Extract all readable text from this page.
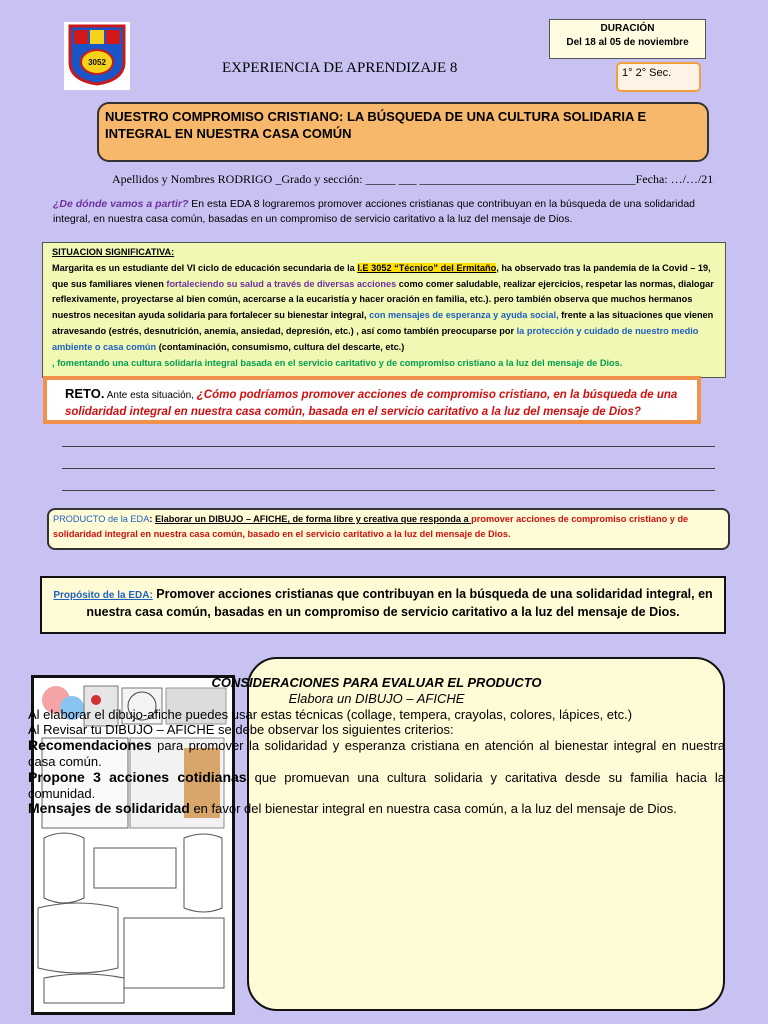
3052
DURACIÓN
Del 18 al 05 de noviembre
1° 2° Sec.
EXPERIENCIA DE APRENDIZAJE 8
NUESTRO COMPROMISO CRISTIANO: LA BÚSQUEDA DE UNA CULTURA SOLIDARIA E INTEGRAL EN NUESTRA CASA COMÚN
Apellidos y Nombres RODRIGO _Grado y sección: _____ ___ ____________________________________Fecha: …/…/21
¿De dónde vamos a partir? En esta EDA 8 lograremos promover acciones cristianas que contribuyan en la búsqueda de una solidaridad integral, en nuestra casa común, basadas en un compromiso de servicio caritativo a la luz del mensaje de Dios.
SITUACION SIGNIFICATIVA:
Margarita es un estudiante del VI ciclo de educación secundaria de la I.E 3052 “Técnico” del Ermitaño, ha observado tras la pandemia de la Covid – 19, que sus familiares vienen fortaleciendo su salud a través de diversas acciones como comer saludable, realizar ejercicios, respetar las normas, dialogar reflexivamente, proyectarse al bien común, acercarse a la eucaristía y hacer oración en familia, etc.). pero también observa que muchos hermanos nuestros necesitan ayuda solidaria para fortalecer su bienestar integral, con mensajes de esperanza y ayuda social, frente a las situaciones que vienen atravesando (estrés, desnutrición, anemia, ansiedad, depresión, etc.) , así como también preocuparse por la protección y cuidado de nuestro medio ambiente o casa común (contaminación, consumismo, cultura del descarte, etc.)
, fomentando una cultura solidaria integral basada en el servicio caritativo y de compromiso cristiano a la luz del mensaje de Dios.
RETO. Ante esta situación, ¿Cómo podríamos promover acciones de compromiso cristiano, en la búsqueda de una solidaridad integral en nuestra casa común, basada en el servicio caritativo a la luz del mensaje de Dios?
PRODUCTO de la EDA: Elaborar un DIBUJO – AFICHE, de forma libre y creativa que responda a promover acciones de compromiso cristiano y de solidaridad integral en nuestra casa común, basado en el servicio caritativo a la luz del mensaje de Dios.
Propósito de la EDA: Promover acciones cristianas que contribuyan en la búsqueda de una solidaridad integral, en nuestra casa común, basadas en un compromiso de servicio caritativo a la luz del mensaje de Dios.
CONSIDERACIONES PARA EVALUAR EL PRODUCTO
Elabora un DIBUJO – AFICHE

Al elaborar el dibujo-afiche puedes usar estas técnicas (collage, tempera, crayolas, colores, lápices, etc.)

Al Revisar tu DIBUJO – AFICHE se debe observar los siguientes criterios:

Recomendaciones para promover la solidaridad y esperanza cristiana en atención al bienestar integral en nuestra casa común.

Propone 3 acciones cotidianas que promuevan una cultura solidaria y caritativa desde su familia hacia la comunidad.

Mensajes de solidaridad en favor del bienestar integral en nuestra casa común, a la luz del mensaje de Dios.
